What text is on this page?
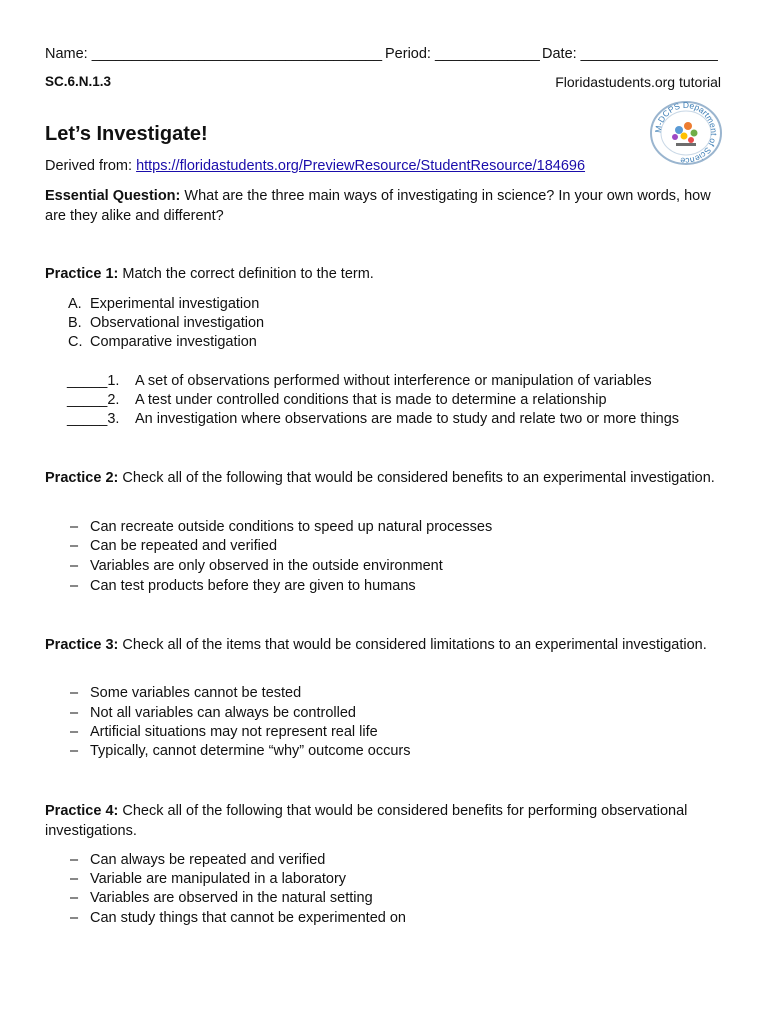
Name: ____________________________________ Period: _____________ Date: _________________
SC.6.N.1.3	Floridastudents.org tutorial
M-DCPS Department of Science
Let’s Investigate!
Derived from: https://floridastudents.org/PreviewResource/StudentResource/184696
Essential Question: What are the three main ways of investigating in science? In your own words, how are they alike and different?
Practice 1: Match the correct definition to the term.
A. Experimental investigation
B. Observational investigation
C. Comparative investigation
_____1. A set of observations performed without interference or manipulation of variables
_____2. A test under controlled conditions that is made to determine a relationship
_____3. An investigation where observations are made to study and relate two or more things
Practice 2: Check all of the following that would be considered benefits to an experimental investigation.
– Can recreate outside conditions to speed up natural processes
– Can be repeated and verified
– Variables are only observed in the outside environment
– Can test products before they are given to humans
Practice 3: Check all of the items that would be considered limitations to an experimental investigation.
– Some variables cannot be tested
– Not all variables can always be controlled
– Artificial situations may not represent real life
– Typically, cannot determine “why” outcome occurs
Practice 4: Check all of the following that would be considered benefits for performing observational investigations.
– Can always be repeated and verified
– Variable are manipulated in a laboratory
– Variables are observed in the natural setting
– Can study things that cannot be experimented on
